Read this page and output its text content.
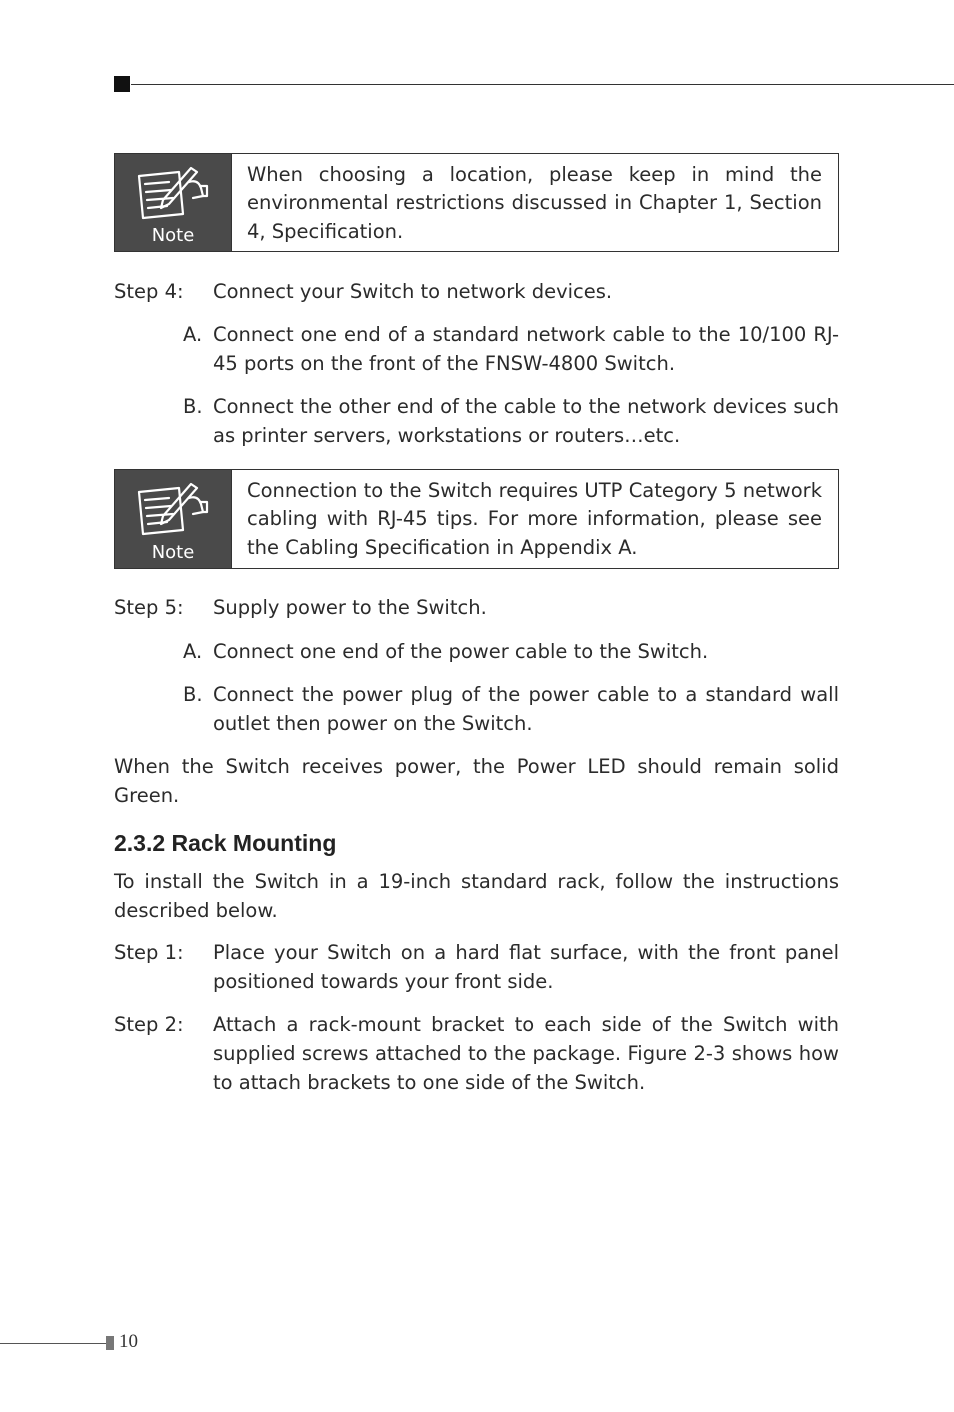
Note
When choosing a location, please keep in mind the environmental restrictions discussed in Chapter 1, Section 4, Specification.
Step 4: Connect your Switch to network devices.
A. Connect one end of a standard network cable to the 10/100 RJ-45 ports on the front of the FNSW-4800 Switch.
B. Connect the other end of the cable to the network devices such as printer servers, workstations or routers…etc.
Note
Connection to the Switch requires UTP Category 5 network cabling with RJ-45 tips. For more information, please see the Cabling Specification in Appendix A.
Step 5: Supply power to the Switch.
A. Connect one end of the power cable to the Switch.
B. Connect the power plug of the power cable to a standard wall outlet then power on the Switch.
When the Switch receives power, the Power LED should remain solid Green.
2.3.2 Rack Mounting
To install the Switch in a 19-inch standard rack, follow the instructions described below.
Step 1: Place your Switch on a hard flat surface, with the front panel positioned towards your front side.
Step 2: Attach a rack-mount bracket to each side of the Switch with supplied screws attached to the package. Figure 2-3 shows how to attach brackets to one side of the Switch.
10
